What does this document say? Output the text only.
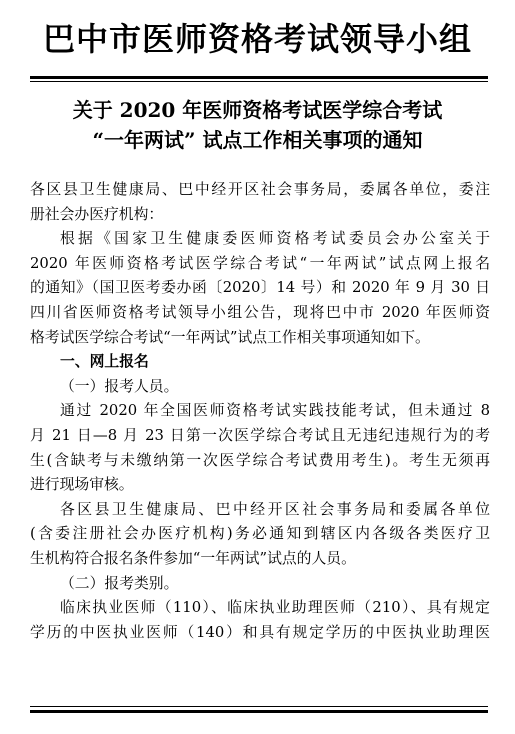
巴中市医师资格考试领导小组
关于 2020 年医师资格考试医学综合考试
“一年两试” 试点工作相关事项的通知
各区县卫生健康局、巴中经开区社会事务局，委属各单位，委注
册社会办医疗机构：
根据《国家卫生健康委医师资格考试委员会办公室关于
2020 年医师资格考试医学综合考试“一年两试”试点网上报名
的通知》（国卫医考委办函〔2020〕14 号）和 2020 年 9 月 30 日
四川省医师资格考试领导小组公告，现将巴中市 2020 年医师资
格考试医学综合考试“一年两试”试点工作相关事项通知如下。
一、网上报名
（一）报考人员。
通过 2020 年全国医师资格考试实践技能考试，但未通过 8
月 21 日—8 月 23 日第一次医学综合考试且无违纪违规行为的考
生(含缺考与未缴纳第一次医学综合考试费用考生)。考生无须再
进行现场审核。
各区县卫生健康局、巴中经开区社会事务局和委属各单位
(含委注册社会办医疗机构)务必通知到辖区内各级各类医疗卫
生机构符合报名条件参加“一年两试”试点的人员。
（二）报考类别。
临床执业医师（110）、临床执业助理医师（210）、具有规定
学历的中医执业医师（140）和具有规定学历的中医执业助理医
